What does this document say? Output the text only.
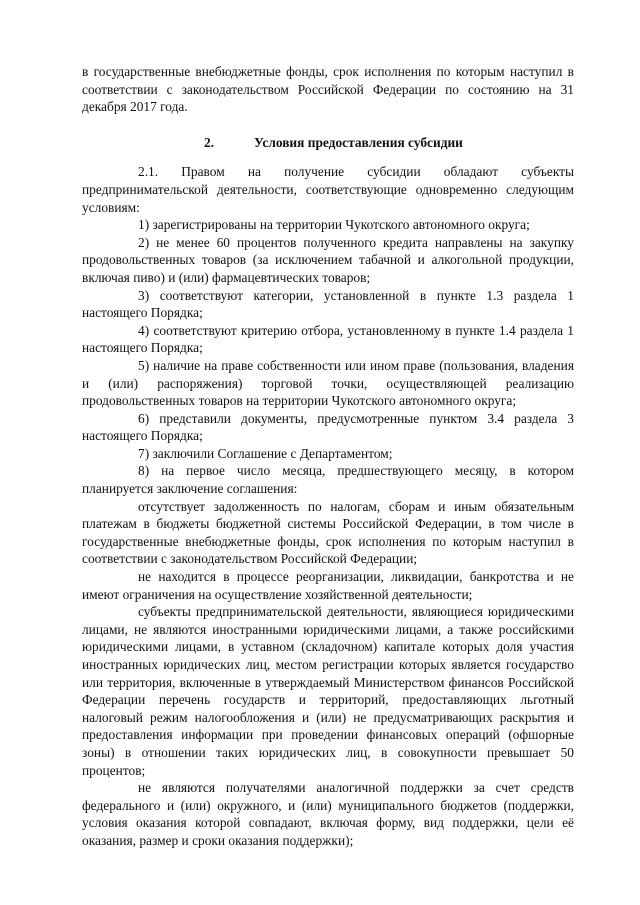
в государственные внебюджетные фонды, срок исполнения по которым наступил в соответствии с законодательством Российской Федерации по состоянию на 31 декабря 2017 года.

2.	Условия предоставления субсидии

2.1. Правом на получение субсидии обладают субъекты предпринимательской деятельности, соответствующие одновременно следующим условиям:

1) зарегистрированы на территории Чукотского автономного округа;

2) не менее 60 процентов полученного кредита направлены на закупку продовольственных товаров (за исключением табачной и алкогольной продукции, включая пиво) и (или) фармацевтических товаров;

3) соответствуют категории, установленной в пункте 1.3 раздела 1 настоящего Порядка;

4) соответствуют критерию отбора, установленному в пункте 1.4 раздела 1 настоящего Порядка;

5) наличие на праве собственности или ином праве (пользования, владения и (или) распоряжения) торговой точки, осуществляющей реализацию продовольственных товаров на территории Чукотского автономного округа;

6) представили документы, предусмотренные пунктом 3.4 раздела 3 настоящего Порядка;

7) заключили Соглашение с Департаментом;

8) на первое число месяца, предшествующего месяцу, в котором планируется заключение соглашения:

отсутствует задолженность по налогам, сборам и иным обязательным платежам в бюджеты бюджетной системы Российской Федерации, в том числе в государственные внебюджетные фонды, срок исполнения по которым наступил в соответствии с законодательством Российской Федерации;

не находится в процессе реорганизации, ликвидации, банкротства и не имеют ограничения на осуществление хозяйственной деятельности;

субъекты предпринимательской деятельности, являющиеся юридическими лицами, не являются иностранными юридическими лицами, а также российскими юридическими лицами, в уставном (складочном) капитале которых доля участия иностранных юридических лиц, местом регистрации которых является государство или территория, включенные в утверждаемый Министерством финансов Российской Федерации перечень государств и территорий, предоставляющих льготный налоговый режим налогообложения и (или) не предусматривающих раскрытия и предоставления информации при проведении финансовых операций (офшорные зоны) в отношении таких юридических лиц, в совокупности превышает 50 процентов;

не являются получателями аналогичной поддержки за счет средств федерального и (или) окружного, и (или) муниципального бюджетов (поддержки, условия оказания которой совпадают, включая форму, вид поддержки, цели её оказания, размер и сроки оказания поддержки);
